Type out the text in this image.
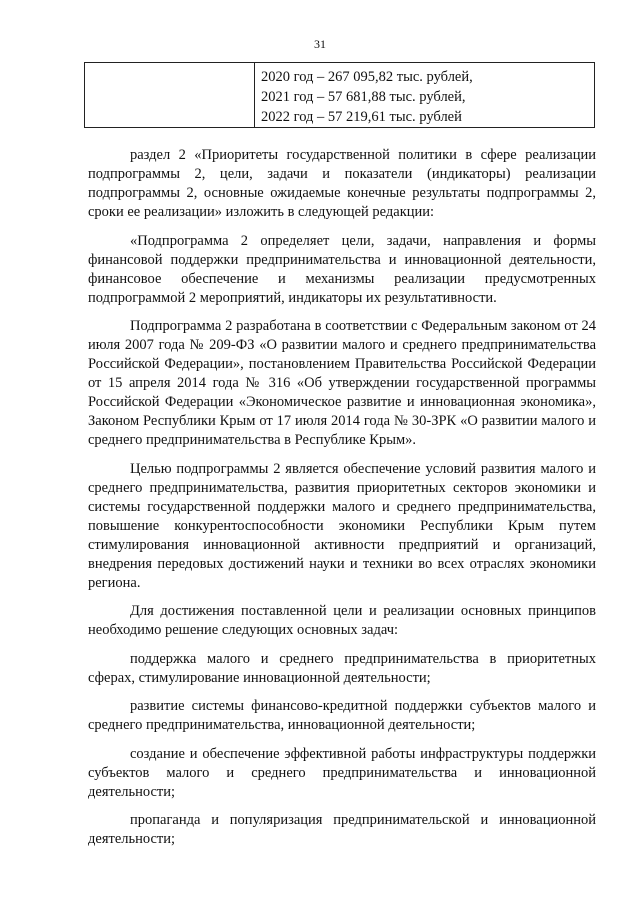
31

2020 год – 267 095,82 тыс. рублей,
2021 год – 57 681,88 тыс. рублей,
2022 год – 57 219,61 тыс. рублей

раздел 2 «Приоритеты государственной политики в сфере реализации подпрограммы 2, цели, задачи и показатели (индикаторы) реализации подпрограммы 2, основные ожидаемые конечные результаты подпрограммы 2, сроки ее реализации» изложить в следующей редакции:

«Подпрограмма 2 определяет цели, задачи, направления и формы финансовой поддержки предпринимательства и инновационной деятельности, финансовое обеспечение и механизмы реализации предусмотренных подпрограммой 2 мероприятий, индикаторы их результативности.

Подпрограмма 2 разработана в соответствии с Федеральным законом от 24 июля 2007 года № 209-ФЗ «О развитии малого и среднего предпринимательства Российской Федерации», постановлением Правительства Российской Федерации от 15 апреля 2014 года № 316 «Об утверждении государственной программы Российской Федерации «Экономическое развитие и инновационная экономика», Законом Республики Крым от 17 июля 2014 года № 30-ЗРК «О развитии малого и среднего предпринимательства в Республике Крым».

Целью подпрограммы 2 является обеспечение условий развития малого и среднего предпринимательства, развития приоритетных секторов экономики и системы государственной поддержки малого и среднего предпринимательства, повышение конкурентоспособности экономики Республики Крым путем стимулирования инновационной активности предприятий и организаций, внедрения передовых достижений науки и техники во всех отраслях экономики региона.

Для достижения поставленной цели и реализации основных принципов необходимо решение следующих основных задач:

поддержка малого и среднего предпринимательства в приоритетных сферах, стимулирование инновационной деятельности;

развитие системы финансово-кредитной поддержки субъектов малого и среднего предпринимательства, инновационной деятельности;

создание и обеспечение эффективной работы инфраструктуры поддержки субъектов малого и среднего предпринимательства и инновационной деятельности;

пропаганда и популяризация предпринимательской и инновационной деятельности;
